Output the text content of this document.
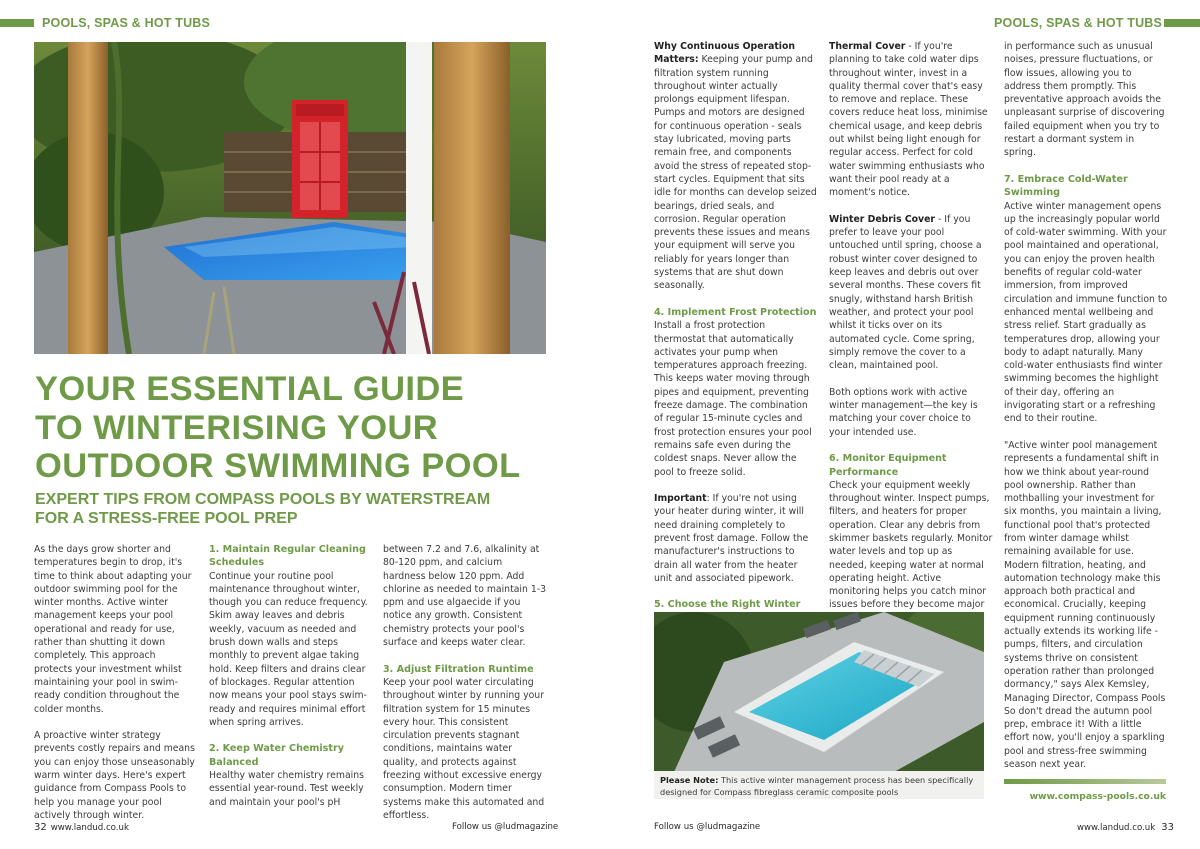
POOLS, SPAS & HOT TUBS	POOLS, SPAS & HOT TUBS
YOUR ESSENTIAL GUIDE
TO WINTERISING YOUR
OUTDOOR SWIMMING POOL
EXPERT TIPS FROM COMPASS POOLS BY WATERSTREAM
FOR A STRESS-FREE POOL PREP

As the days grow shorter and temperatures begin to drop, it's time to think about adapting your outdoor swimming pool for the winter months. Active winter management keeps your pool operational and ready for use, rather than shutting it down completely. This approach protects your investment whilst maintaining your pool in swim-ready condition throughout the colder months.

A proactive winter strategy prevents costly repairs and means you can enjoy those unseasonably warm winter days. Here's expert guidance from Compass Pools to help you manage your pool actively through winter.

1. Maintain Regular Cleaning Schedules

Continue your routine pool maintenance throughout winter, though you can reduce frequency. Skim away leaves and debris weekly, vacuum as needed and brush down walls and steps monthly to prevent algae taking hold. Keep filters and drains clear of blockages. Regular attention now means your pool stays swim-ready and requires minimal effort when spring arrives.

2. Keep Water Chemistry Balanced

Healthy water chemistry remains essential year-round. Test weekly and maintain your pool's pH

between 7.2 and 7.6, alkalinity at 80-120 ppm, and calcium hardness below 120 ppm. Add chlorine as needed to maintain 1-3 ppm and use algaecide if you notice any growth. Consistent chemistry protects your pool's surface and keeps water clear.

3. Adjust Filtration Runtime

Keep your pool water circulating throughout winter by running your filtration system for 15 minutes every hour. This consistent circulation prevents stagnant conditions, maintains water quality, and protects against freezing without excessive energy consumption. Modern timer systems make this automated and effortless.

Why Continuous Operation Matters: Keeping your pump and filtration system running throughout winter actually prolongs equipment lifespan. Pumps and motors are designed for continuous operation - seals stay lubricated, moving parts remain free, and components avoid the stress of repeated stop-start cycles. Equipment that sits idle for months can develop seized bearings, dried seals, and corrosion. Regular operation prevents these issues and means your equipment will serve you reliably for years longer than systems that are shut down seasonally.

4. Implement Frost Protection

Install a frost protection thermostat that automatically activates your pump when temperatures approach freezing. This keeps water moving through pipes and equipment, preventing freeze damage. The combination of regular 15-minute cycles and frost protection ensures your pool remains safe even during the coldest snaps. Never allow the pool to freeze solid.

Important: If you're not using your heater during winter, it will need draining completely to prevent frost damage. Follow the manufacturer's instructions to drain all water from the heater unit and associated pipework.

5. Choose the Right Winter

Thermal Cover - If you're planning to take cold water dips throughout winter, invest in a quality thermal cover that's easy to remove and replace. These covers reduce heat loss, minimise chemical usage, and keep debris out whilst being light enough for regular access. Perfect for cold water swimming enthusiasts who want their pool ready at a moment's notice.

Winter Debris Cover - If you prefer to leave your pool untouched until spring, choose a robust winter cover designed to keep leaves and debris out over several months. These covers fit snugly, withstand harsh British weather, and protect your pool whilst it ticks over on its automated cycle. Come spring, simply remove the cover to a clean, maintained pool.

Both options work with active winter management—the key is matching your cover choice to your intended use.

6. Monitor Equipment Performance

Check your equipment weekly throughout winter. Inspect pumps, filters, and heaters for proper operation. Clear any debris from skimmer baskets regularly. Monitor water levels and top up as needed, keeping water at normal operating height. Active monitoring helps you catch minor issues before they become major

in performance such as unusual noises, pressure fluctuations, or flow issues, allowing you to address them promptly. This preventative approach avoids the unpleasant surprise of discovering failed equipment when you try to restart a dormant system in spring.

7. Embrace Cold-Water Swimming

Active winter management opens up the increasingly popular world of cold-water swimming. With your pool maintained and operational, you can enjoy the proven health benefits of regular cold-water immersion, from improved circulation and immune function to enhanced mental wellbeing and stress relief. Start gradually as temperatures drop, allowing your body to adapt naturally. Many cold-water enthusiasts find winter swimming becomes the highlight of their day, offering an invigorating start or a refreshing end to their routine.

"Active winter pool management represents a fundamental shift in how we think about year-round pool ownership. Rather than mothballing your investment for six months, you maintain a living, functional pool that's protected from winter damage whilst remaining available for use. Modern filtration, heating, and automation technology make this approach both practical and economical. Crucially, keeping equipment running continuously actually extends its working life - pumps, filters, and circulation systems thrive on consistent operation rather than prolonged dormancy," says Alex Kemsley, Managing Director, Compass Pools

So don't dread the autumn pool prep, embrace it! With a little effort now, you'll enjoy a sparkling pool and stress-free swimming season next year.

Please Note: This active winter management process has been specifically designed for Compass fibreglass ceramic composite pools	www.compass-pools.co.uk
32 www.landud.co.uk	Follow us @ludmagazine	Follow us @ludmagazine	www.landud.co.uk 33
